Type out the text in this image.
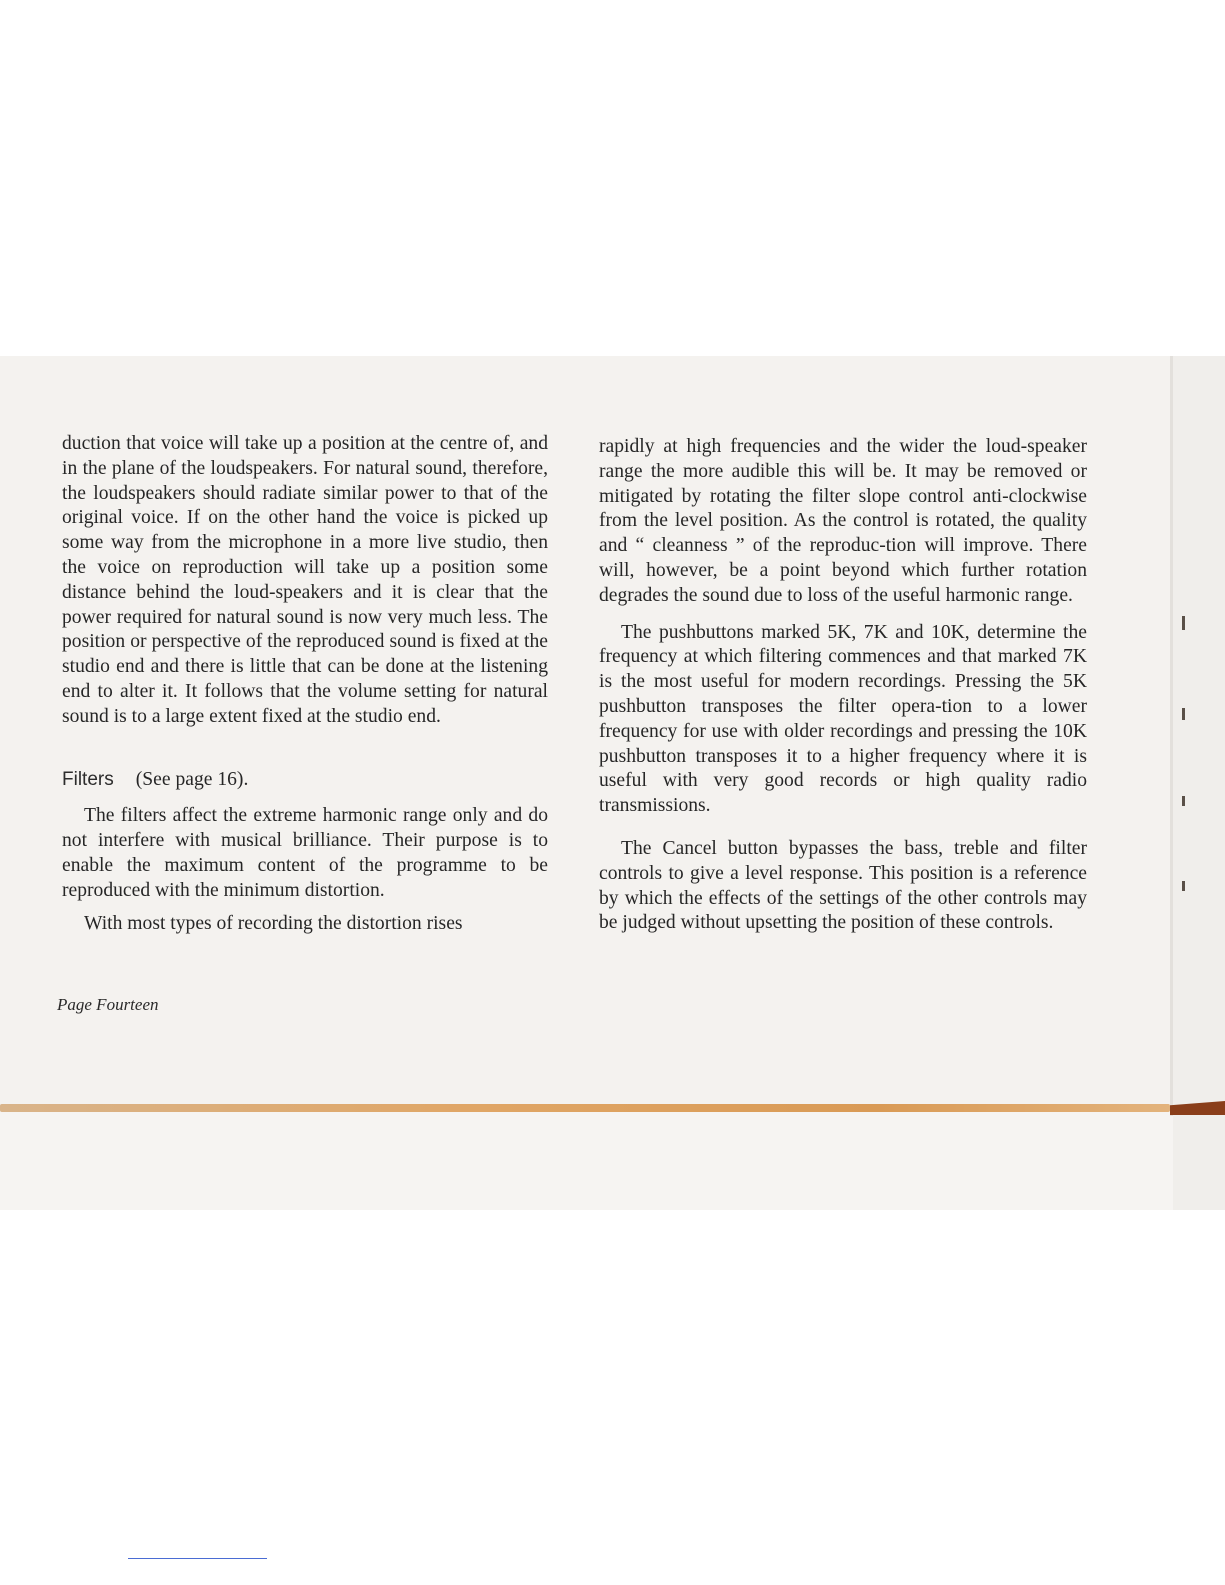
duction that voice will take up a position at the centre of, and in the plane of the loudspeakers. For natural sound, therefore, the loudspeakers should radiate similar power to that of the original voice. If on the other hand the voice is picked up some way from the microphone in a more live studio, then the voice on reproduction will take up a position some distance behind the loud-speakers and it is clear that the power required for natural sound is now very much less. The position or perspective of the reproduced sound is fixed at the studio end and there is little that can be done at the listening end to alter it. It follows that the volume setting for natural sound is to a large extent fixed at the studio end.

Filters (See page 16).

The filters affect the extreme harmonic range only and do not interfere with musical brilliance. Their purpose is to enable the maximum content of the programme to be reproduced with the minimum distortion.

With most types of recording the distortion rises

rapidly at high frequencies and the wider the loud-speaker range the more audible this will be. It may be removed or mitigated by rotating the filter slope control anti-clockwise from the level position. As the control is rotated, the quality and “ cleanness ” of the reproduc-tion will improve. There will, however, be a point beyond which further rotation degrades the sound due to loss of the useful harmonic range.

The pushbuttons marked 5K, 7K and 10K, determine the frequency at which filtering commences and that marked 7K is the most useful for modern recordings. Pressing the 5K pushbutton transposes the filter opera-tion to a lower frequency for use with older recordings and pressing the 10K pushbutton transposes it to a higher frequency where it is useful with very good records or high quality radio transmissions.

The Cancel button bypasses the bass, treble and filter controls to give a level response. This position is a reference by which the effects of the settings of the other controls may be judged without upsetting the position of these controls.

Page Fourteen
